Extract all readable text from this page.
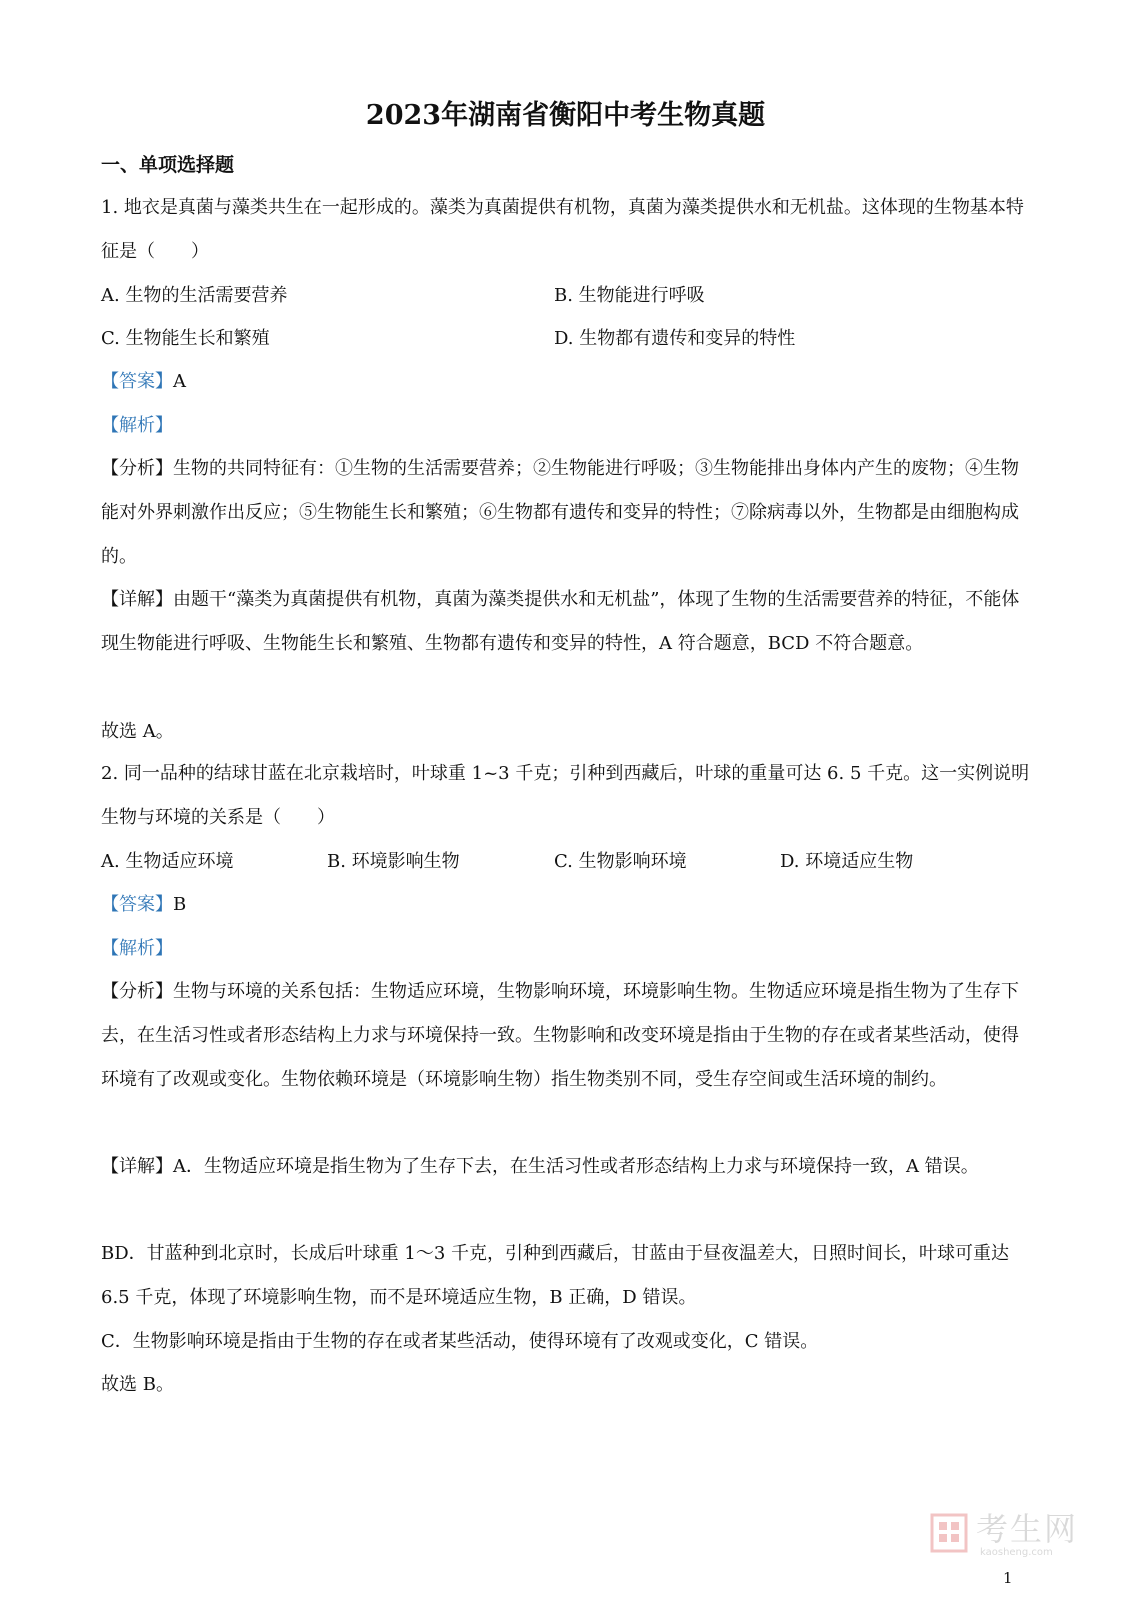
2023年湖南省衡阳中考生物真题
一、单项选择题

1. 地衣是真菌与藻类共生在一起形成的。藻类为真菌提供有机物，真菌为藻类提供水和无机盐。这体现的生物基本特征是（　　）

A. 生物的生活需要营养	B. 生物能进行呼吸
C. 生物能生长和繁殖	D. 生物都有遗传和变异的特性
【答案】A
【解析】

【分析】生物的共同特征有：①生物的生活需要营养；②生物能进行呼吸；③生物能排出身体内产生的废物；④生物能对外界刺激作出反应；⑤生物能生长和繁殖；⑥生物都有遗传和变异的特性；⑦除病毒以外，生物都是由细胞构成的。

【详解】由题干“藻类为真菌提供有机物，真菌为藻类提供水和无机盐”，体现了生物的生活需要营养的特征，不能体现生物能进行呼吸、生物能生长和繁殖、生物都有遗传和变异的特性，A 符合题意，BCD 不符合题意。

故选 A。

2. 同一品种的结球甘蓝在北京栽培时，叶球重 1~3 千克；引种到西藏后，叶球的重量可达 6. 5 千克。这一实例说明生物与环境的关系是（　　）

A. 生物适应环境	B. 环境影响生物	C. 生物影响环境	D. 环境适应生物
【答案】B
【解析】

【分析】生物与环境的关系包括：生物适应环境，生物影响环境，环境影响生物。生物适应环境是指生物为了生存下去，在生活习性或者形态结构上力求与环境保持一致。生物影响和改变环境是指由于生物的存在或者某些活动，使得环境有了改观或变化。生物依赖环境是（环境影响生物）指生物类别不同，受生存空间或生活环境的制约。

【详解】A．生物适应环境是指生物为了生存下去，在生活习性或者形态结构上力求与环境保持一致，A 错误。

BD．甘蓝种到北京时，长成后叶球重 1～3 千克，引种到西藏后，甘蓝由于昼夜温差大，日照时间长，叶球可重达 6.5 千克，体现了环境影响生物，而不是环境适应生物，B 正确，D 错误。

C．生物影响环境是指由于生物的存在或者某些活动，使得环境有了改观或变化，C 错误。

故选 B。
考生网
kaosheng.com
1
